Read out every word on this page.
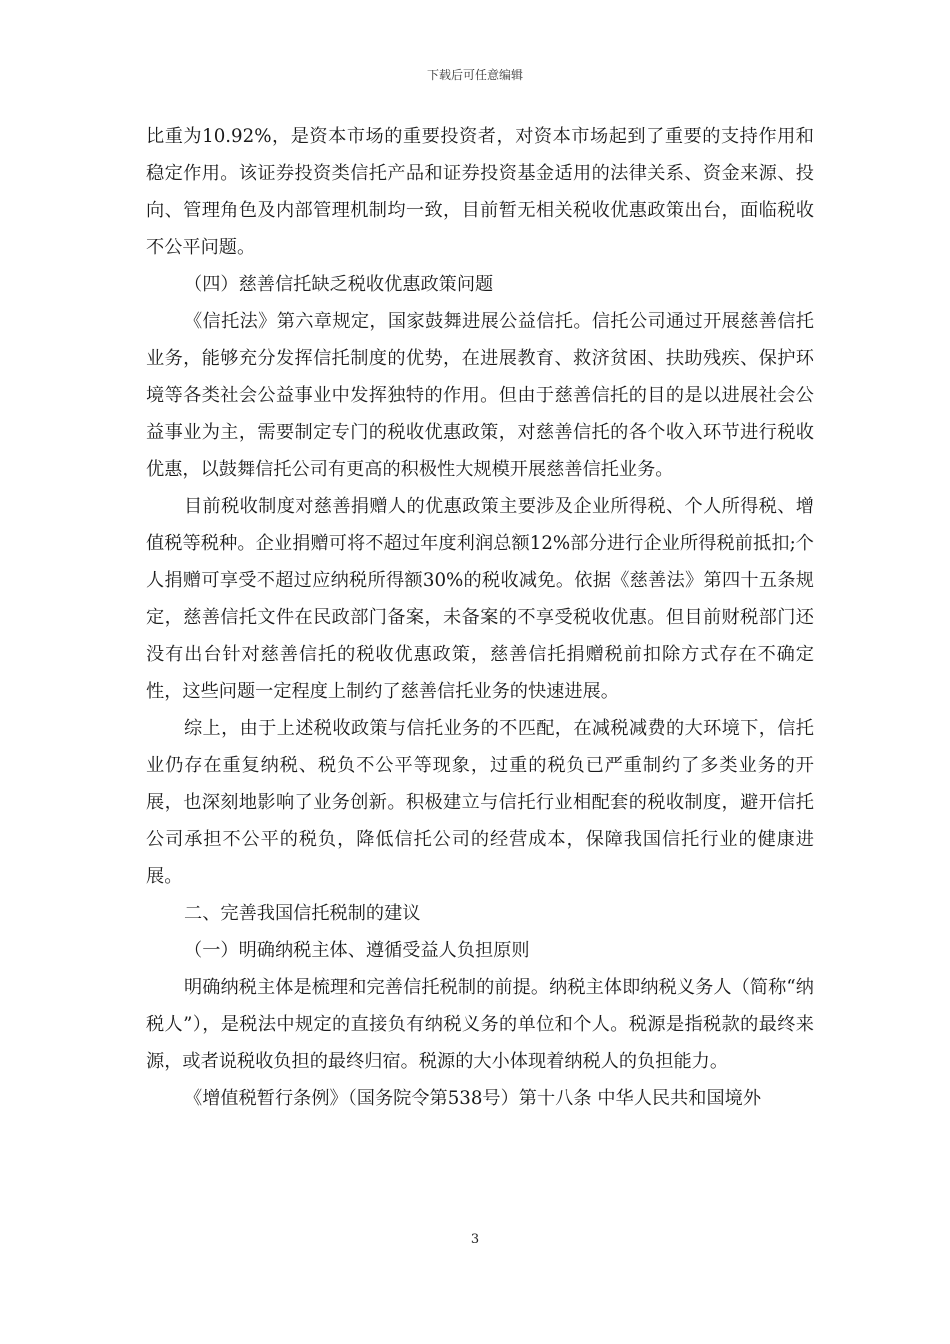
下载后可任意编辑

比重为10.92%，是资本市场的重要投资者，对资本市场起到了重要的支持作用和稳定作用。该证券投资类信托产品和证券投资基金适用的法律关系、资金来源、投向、管理角色及内部管理机制均一致，目前暂无相关税收优惠政策出台，面临税收不公平问题。

（四）慈善信托缺乏税收优惠政策问题

《信托法》第六章规定，国家鼓舞进展公益信托。信托公司通过开展慈善信托业务，能够充分发挥信托制度的优势，在进展教育、救济贫困、扶助残疾、保护环境等各类社会公益事业中发挥独特的作用。但由于慈善信托的目的是以进展社会公益事业为主，需要制定专门的税收优惠政策，对慈善信托的各个收入环节进行税收优惠，以鼓舞信托公司有更高的积极性大规模开展慈善信托业务。

目前税收制度对慈善捐赠人的优惠政策主要涉及企业所得税、个人所得税、增值税等税种。企业捐赠可将不超过年度利润总额12%部分进行企业所得税前抵扣;个人捐赠可享受不超过应纳税所得额30%的税收减免。依据《慈善法》第四十五条规定，慈善信托文件在民政部门备案，未备案的不享受税收优惠。但目前财税部门还没有出台针对慈善信托的税收优惠政策，慈善信托捐赠税前扣除方式存在不确定性，这些问题一定程度上制约了慈善信托业务的快速进展。

综上，由于上述税收政策与信托业务的不匹配，在减税减费的大环境下，信托业仍存在重复纳税、税负不公平等现象，过重的税负已严重制约了多类业务的开展，也深刻地影响了业务创新。积极建立与信托行业相配套的税收制度，避开信托公司承担不公平的税负，降低信托公司的经营成本，保障我国信托行业的健康进展。

二、完善我国信托税制的建议

（一）明确纳税主体、遵循受益人负担原则

明确纳税主体是梳理和完善信托税制的前提。纳税主体即纳税义务人（简称“纳税人”），是税法中规定的直接负有纳税义务的单位和个人。税源是指税款的最终来源，或者说税收负担的最终归宿。税源的大小体现着纳税人的负担能力。

《增值税暂行条例》（国务院令第538号）第十八条 中华人民共和国境外

3
